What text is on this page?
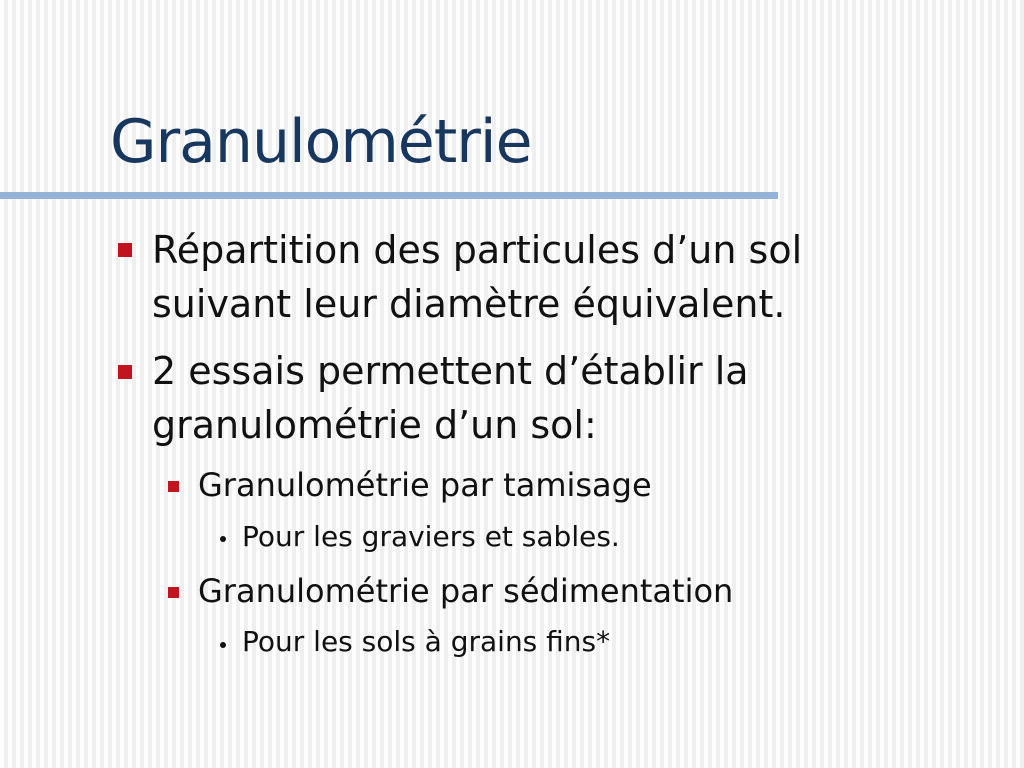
Granulométrie
Répartition des particules d’un sol
suivant leur diamètre équivalent.
2 essais permettent d’établir la
granulométrie d’un sol:
Granulométrie par tamisage
Pour les graviers et sables.
Granulométrie par sédimentation
Pour les sols à grains fins*
